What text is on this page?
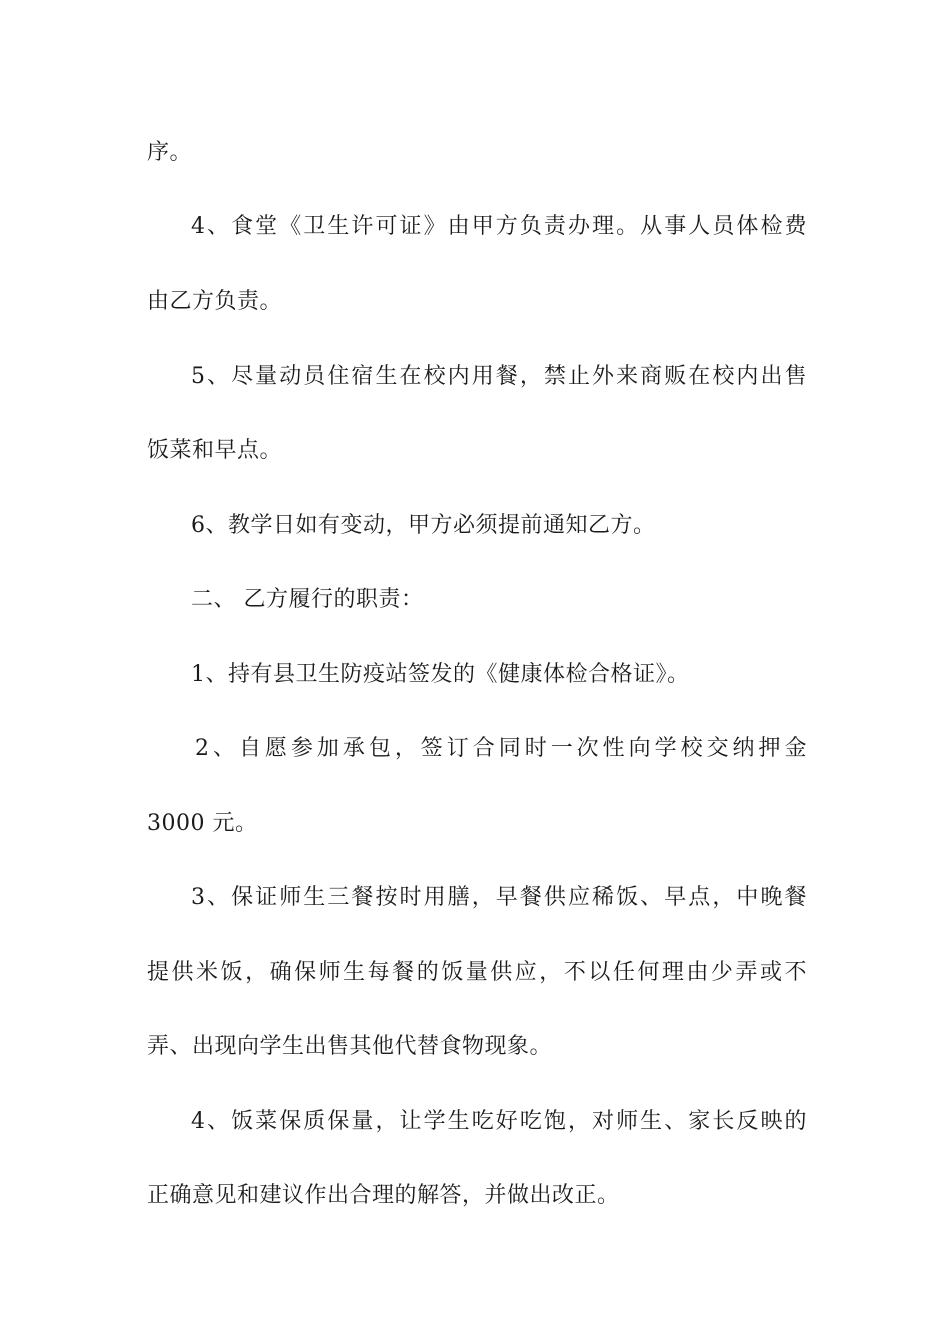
序。
4、食堂《卫生许可证》由甲方负责办理。从事人员体检费
由乙方负责。
5、尽量动员住宿生在校内用餐，禁止外来商贩在校内出售
饭菜和早点。
6、教学日如有变动，甲方必须提前通知乙方。
二、 乙方履行的职责：
1、持有县卫生防疫站签发的《健康体检合格证》。
2、自愿参加承包，签订合同时一次性向学校交纳押金
3000 元。
3、保证师生三餐按时用膳，早餐供应稀饭、早点，中晚餐
提供米饭，确保师生每餐的饭量供应，不以任何理由少弄或不
弄、出现向学生出售其他代替食物现象。
4、饭菜保质保量，让学生吃好吃饱，对师生、家长反映的
正确意见和建议作出合理的解答，并做出改正。
